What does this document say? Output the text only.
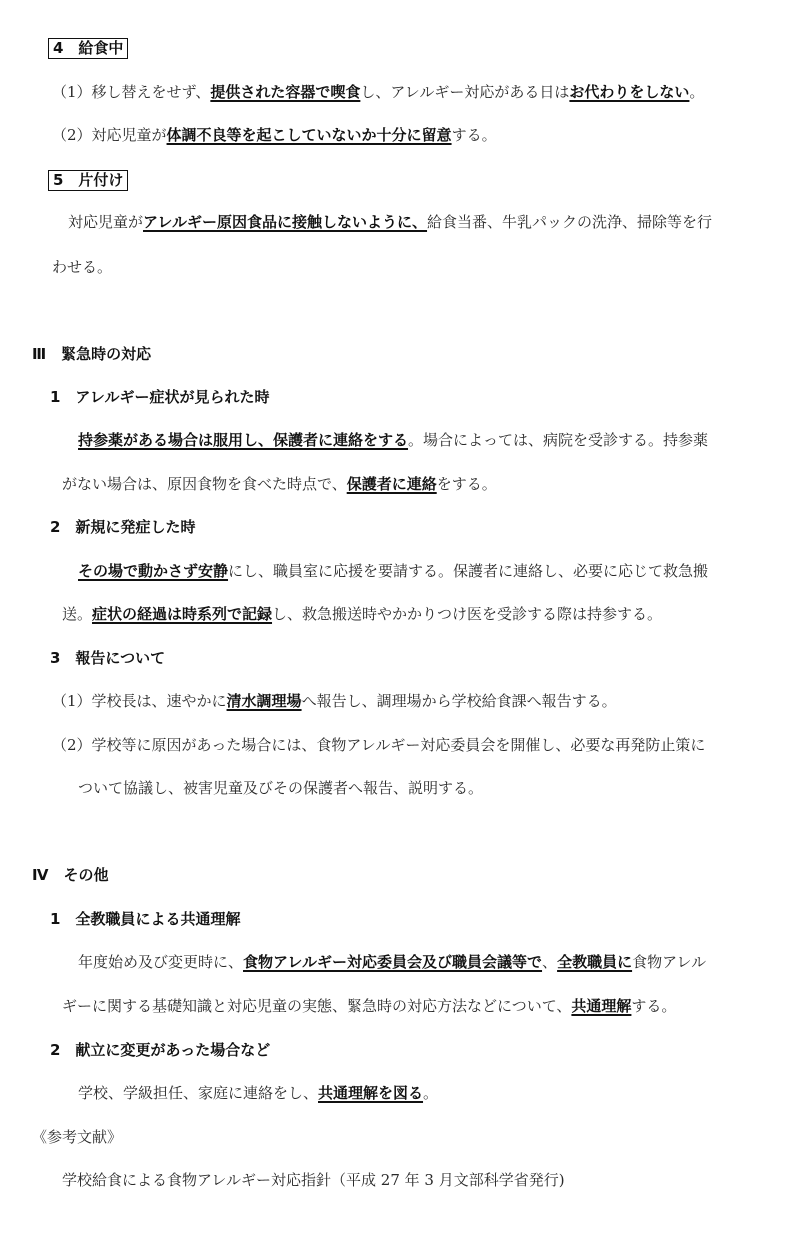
4　給食中
（1）移し替えをせず、提供された容器で喫食し、アレルギー対応がある日はお代わりをしない。
（2）対応児童が体調不良等を起こしていないか十分に留意する。
5　片付け
対応児童がアレルギー原因食品に接触しないように、給食当番、牛乳パックの洗浄、掃除等を行
わせる。
Ⅲ　緊急時の対応
1　アレルギー症状が見られた時
持参薬がある場合は服用し、保護者に連絡をする。場合によっては、病院を受診する。持参薬
がない場合は、原因食物を食べた時点で、保護者に連絡をする。
2　新規に発症した時
その場で動かさず安静にし、職員室に応援を要請する。保護者に連絡し、必要に応じて救急搬
送。症状の経過は時系列で記録し、救急搬送時やかかりつけ医を受診する際は持参する。
3　報告について
（1）学校長は、速やかに清水調理場へ報告し、調理場から学校給食課へ報告する。
（2）学校等に原因があった場合には、食物アレルギー対応委員会を開催し、必要な再発防止策に
ついて協議し、被害児童及びその保護者へ報告、説明する。
Ⅳ　その他
1　全教職員による共通理解
年度始め及び変更時に、食物アレルギー対応委員会及び職員会議等で、全教職員に食物アレル
ギーに関する基礎知識と対応児童の実態、緊急時の対応方法などについて、共通理解する。
2　献立に変更があった場合など
学校、学級担任、家庭に連絡をし、共通理解を図る。
《参考文献》
学校給食による食物アレルギー対応指針（平成 27 年 3 月文部科学省発行)
